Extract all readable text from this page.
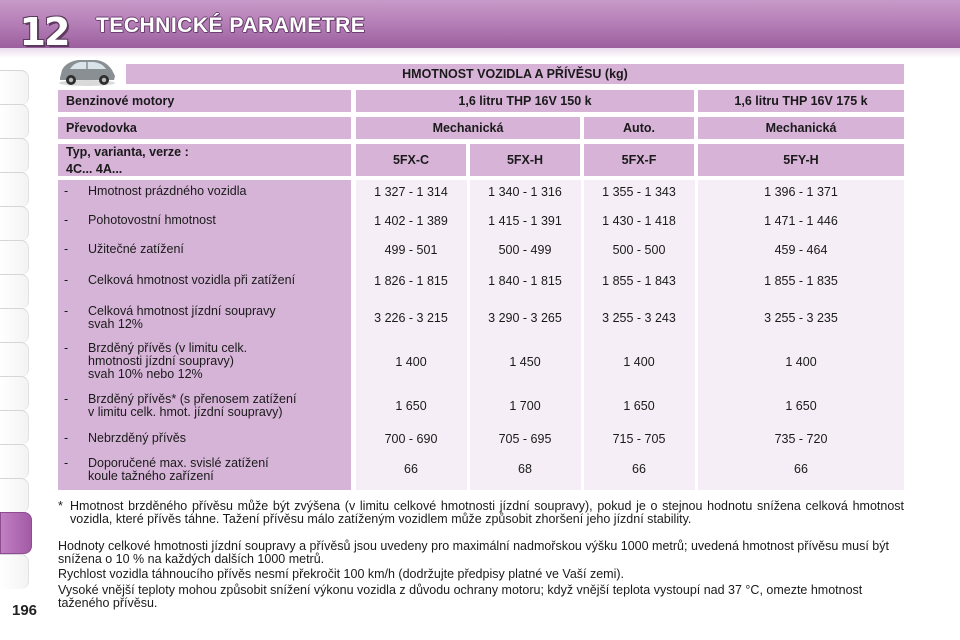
12 TECHNICKÉ PARAMETRE
196
HMOTNOST VOZIDLA A PŘÍVĚSU (kg)
Benzinové motory	1,6 litru THP 16V 150 k	1,6 litru THP 16V 175 k
Převodovka	Mechanická	Auto.	Mechanická
Typ, varianta, verze :
4C... 4A...
5FX-C	5FX-H	5FX-F	5FY-H
- Hmotnost prázdného vozidla	1 327 - 1 314	1 340 - 1 316	1 355 - 1 343	1 396 - 1 371
- Pohotovostní hmotnost	1 402 - 1 389	1 415 - 1 391	1 430 - 1 418	1 471 - 1 446
- Užitečné zatížení	499 - 501	500 - 499	500 - 500	459 - 464
- Celková hmotnost vozidla při zatížení	1 826 - 1 815	1 840 - 1 815	1 855 - 1 843	1 855 - 1 835
- Celková hmotnost jízdní soupravy
svah 12%	3 226 - 3 215	3 290 - 3 265	3 255 - 3 243	3 255 - 3 235
- Brzděný přívěs (v limitu celk.
hmotnosti jízdní soupravy)
svah 10% nebo 12%
1 400	1 450	1 400	1 400
- Brzděný přívěs* (s přenosem zatížení
v limitu celk. hmot. jízdní soupravy)	1 650	1 700	1 650	1 650
- Nebrzděný přívěs	700 - 690	705 - 695	715 - 705	735 - 720
- Doporučené max. svislé zatížení
koule tažného zařízení	66	68	66	66
* Hmotnost brzděného přívěsu může být zvýšena (v limitu celkové hmotnosti jízdní soupravy), pokud je o stejnou hodnotu snížena celková hmotnost vozidla, které přívěs táhne. Tažení přívěsu málo zatíženým vozidlem může způsobit zhoršení jeho jízdní stability.
Hodnoty celkové hmotnosti jízdní soupravy a přívěsů jsou uvedeny pro maximální nadmořskou výšku 1000 metrů; uvedená hmotnost přívěsu musí být snížena o 10 % na každých dalších 1000 metrů.
Rychlost vozidla táhnoucího přívěs nesmí překročit 100 km/h (dodržujte předpisy platné ve Vaší zemi).
Vysoké vnější teploty mohou způsobit snížení výkonu vozidla z důvodu ochrany motoru; když vnější teplota vystoupí nad 37 °C, omezte hmotnost taženého přívěsu.
